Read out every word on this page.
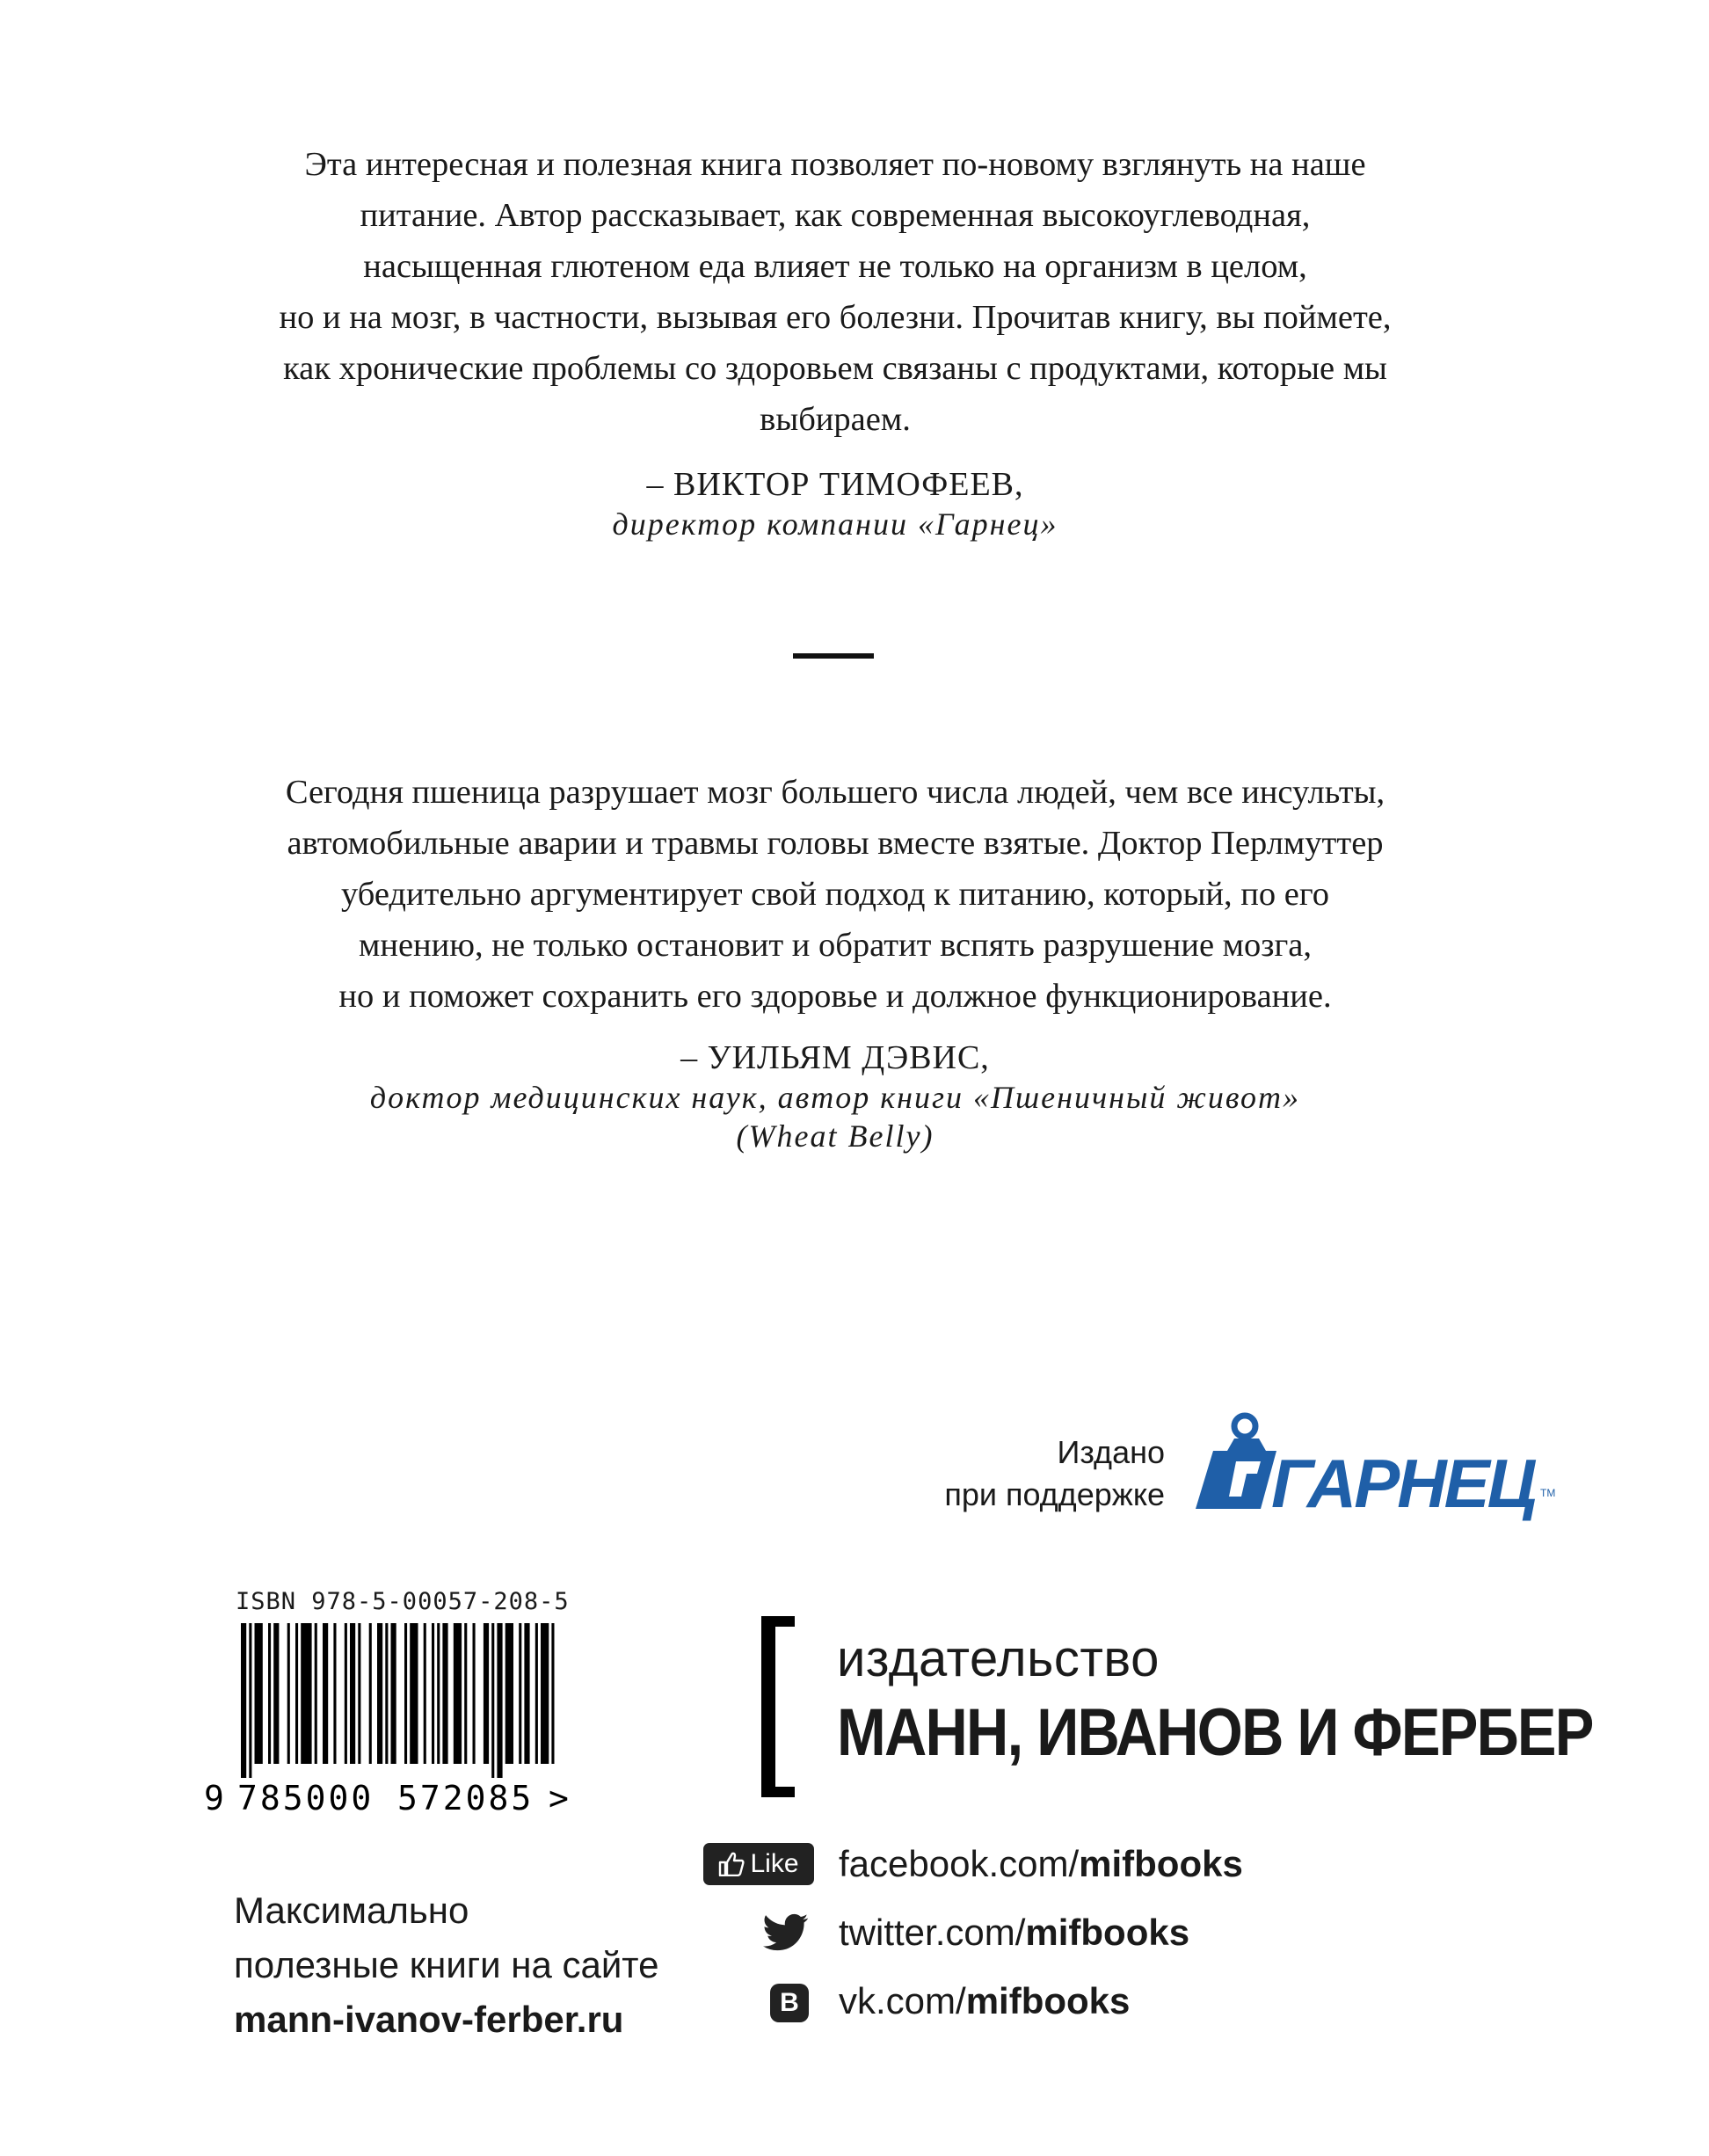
Эта интересная и полезная книга позволяет по-новому взглянуть на наше
питание. Автор рассказывает, как современная высокоуглеводная,
насыщенная глютеном еда влияет не только на организм в целом,
но и на мозг, в частности, вызывая его болезни. Прочитав книгу, вы поймете,
как хронические проблемы со здоровьем связаны с продуктами, которые мы
выбираем.

– ВИКТОР ТИМОФЕЕВ,
директор компании «Гарнец»

Сегодня пшеница разрушает мозг большего числа людей, чем все инсульты,
автомобильные аварии и травмы головы вместе взятые. Доктор Перлмуттер
убедительно аргументирует свой подход к питанию, который, по его
мнению, не только остановит и обратит вспять разрушение мозга,
но и поможет сохранить его здоровье и должное функционирование.

– УИЛЬЯМ ДЭВИС,
доктор медицинских наук, автор книги «Пшеничный живот»
(Wheat Belly)
Издано
при поддержке ГАРНЕЦ TM
ISBN 978-5-00057-208-5
9 785000 572085 >
издательство
МАНН, ИВАНОВ И ФЕРБЕР
Like facebook.com/mifbooks
twitter.com/mifbooks
B vk.com/mifbooks
Максимально
полезные книги на сайте
mann-ivanov-ferber.ru
